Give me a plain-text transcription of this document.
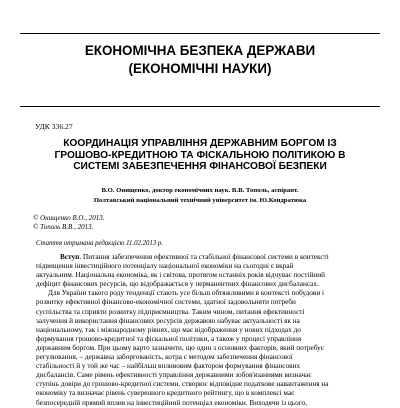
ЕКОНОМІЧНА БЕЗПЕКА ДЕРЖАВИ
(ЕКОНОМІЧНІ НАУКИ)
УДК 336.27
КООРДИНАЦІЯ УПРАВЛІННЯ ДЕРЖАВНИМ БОРГОМ ІЗ
ГРОШОВО-КРЕДИТНОЮ ТА ФІСКАЛЬНОЮ ПОЛІТИКОЮ В
СИСТЕМІ ЗАБЕЗПЕЧЕННЯ ФІНАНСОВОЇ БЕЗПЕКИ
В.О. Онищенко, доктор економічних наук. В.В. Тополь, аспірант.
Полтавський національний технічний університет ім. Ю.Кондратюка
© Онищенко В.О., 2013.
© Тополь В.В., 2013.
Стаття отримана редакцією 11.02.2013 р.
Вступ. Питання забезпечення ефективної та стабільної фінансової системи в контексті
підвищення інвестиційного потенціалу національної економіки на сьогодні є вкрай
актуальним. Національна економіка, як і світова, протягом останніх років відчуває постійний
дефіцит фінансових ресурсів, що відображається у перманентних фінансових дисбалансах.
Для України такого роду тенденції стають усе більш обтяжливими в контексті побудови і
розвитку ефективної фінансово-економічної системи, здатної задовольняти потреби
суспільства та сприяти розвитку підприємництва. Таким чином, питання ефективності
залучення й використання фінансових ресурсів державою набуває актуальності як на
національному, так і міжнародному рівнях, що має відображення у нових підходах до
формування грошово-кредитної та фіскальної політики, а також у процесі управління
державним боргом. При цьому варто зазначити, що один з основних факторів, який потребує
регулювання, – державна заборгованість, котра є методом забезпечення фінансової
стабільності й у той же час – найбільш впливовим фактором формування фінансових
дисбалансів. Саме рівень ефективності управління державними зобов'язаннями визначає
ступінь довіри до грошово-кредитної системи, створює відповідне податкове навантаження на
економіку та визначає рівень суверенного кредитного рейтингу, що в комплексі має
безпосередній прямий вплив на інвестиційний потенціал економіки. Виходячи із цього,
